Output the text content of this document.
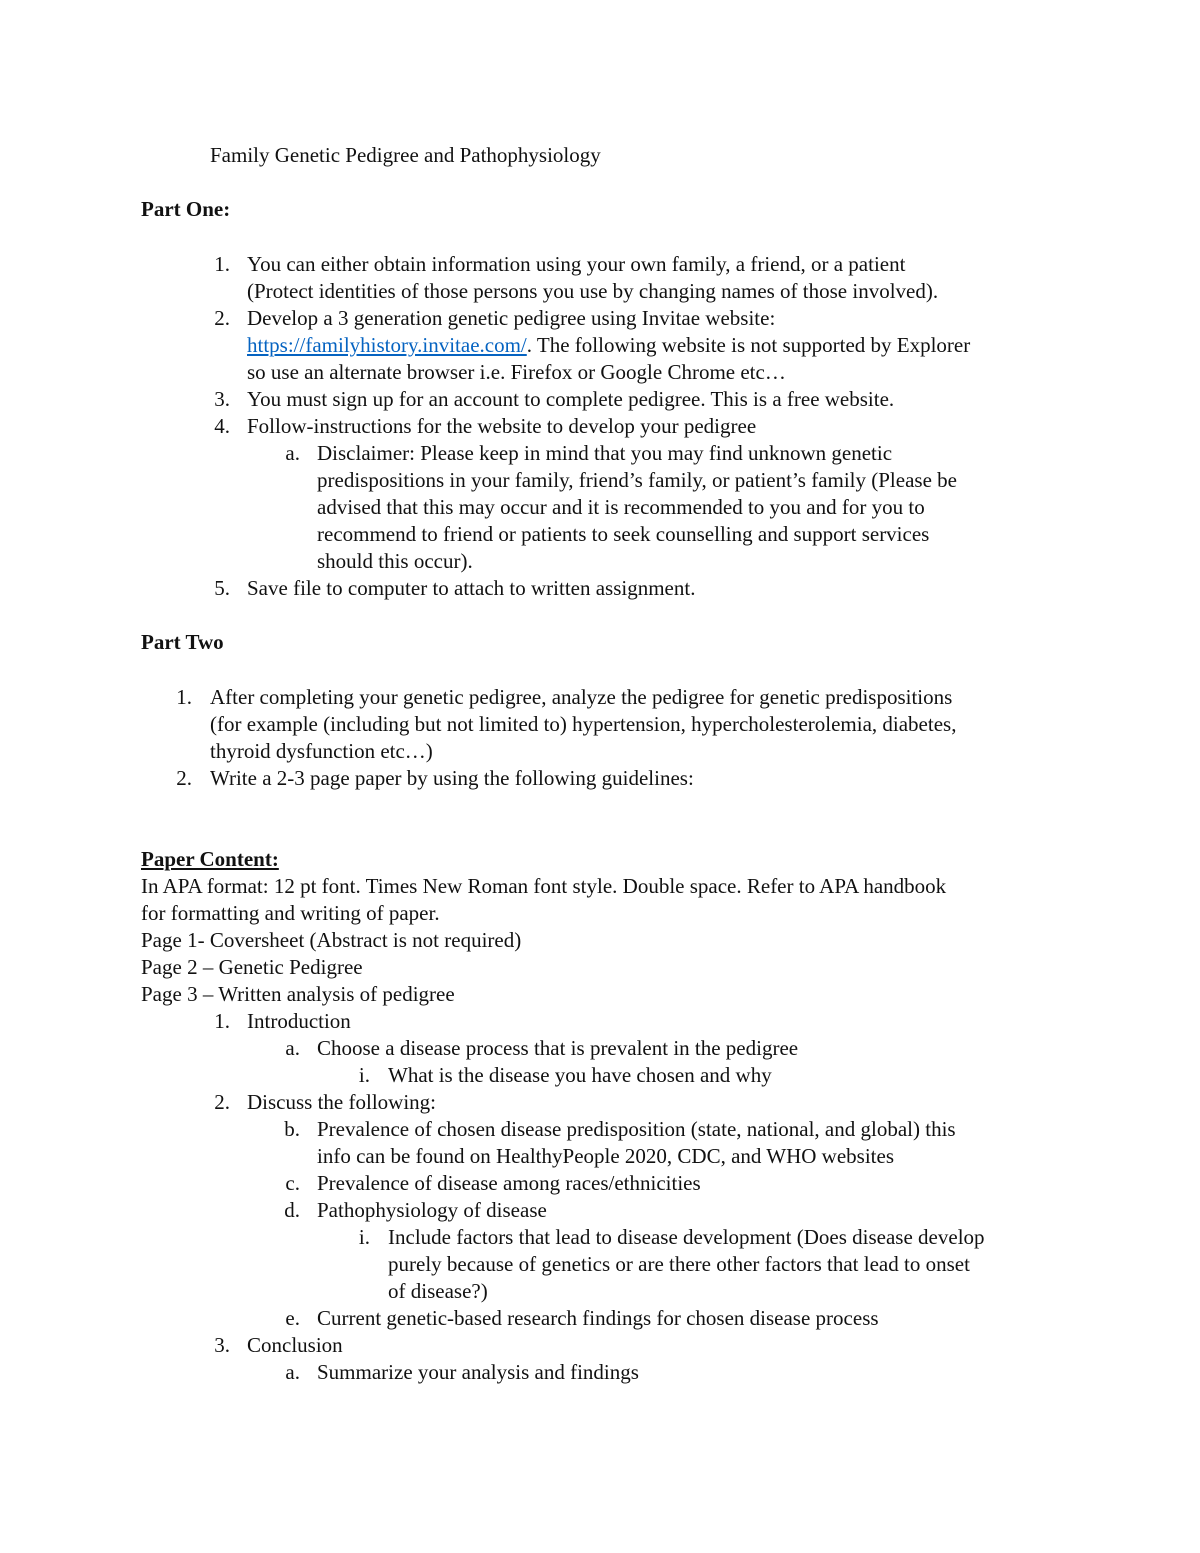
Family Genetic Pedigree and Pathophysiology
Part One:
1. You can either obtain information using your own family, a friend, or a patient
(Protect identities of those persons you use by changing names of those involved).
2. Develop a 3 generation genetic pedigree using Invitae website:
https://familyhistory.invitae.com/. The following website is not supported by Explorer
so use an alternate browser i.e. Firefox or Google Chrome etc…
3. You must sign up for an account to complete pedigree. This is a free website.
4. Follow-instructions for the website to develop your pedigree
a. Disclaimer: Please keep in mind that you may find unknown genetic
predispositions in your family, friend’s family, or patient’s family (Please be
advised that this may occur and it is recommended to you and for you to
recommend to friend or patients to seek counselling and support services
should this occur).
5. Save file to computer to attach to written assignment.
Part Two
1. After completing your genetic pedigree, analyze the pedigree for genetic predispositions
(for example (including but not limited to) hypertension, hypercholesterolemia, diabetes,
thyroid dysfunction etc…)
2. Write a 2-3 page paper by using the following guidelines:
Paper Content:
In APA format: 12 pt font. Times New Roman font style. Double space. Refer to APA handbook
for formatting and writing of paper.
Page 1- Coversheet (Abstract is not required)
Page 2 – Genetic Pedigree
Page 3 – Written analysis of pedigree
1. Introduction
a. Choose a disease process that is prevalent in the pedigree
i. What is the disease you have chosen and why
2. Discuss the following:
b. Prevalence of chosen disease predisposition (state, national, and global) this
info can be found on HealthyPeople 2020, CDC, and WHO websites
c. Prevalence of disease among races/ethnicities
d. Pathophysiology of disease
i. Include factors that lead to disease development (Does disease develop
purely because of genetics or are there other factors that lead to onset
of disease?)
e. Current genetic-based research findings for chosen disease process
3. Conclusion
a. Summarize your analysis and findings
